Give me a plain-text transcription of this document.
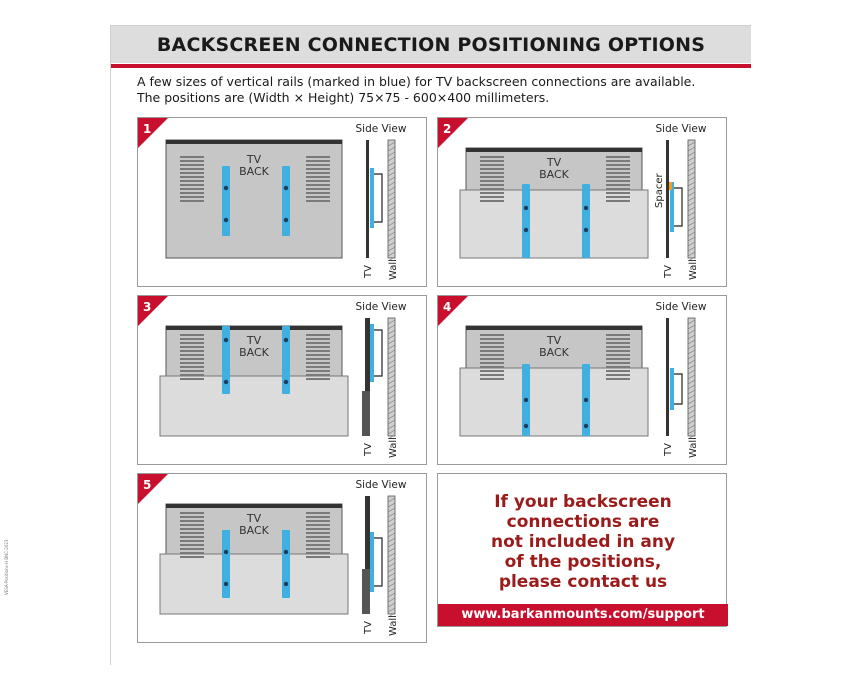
BACKSCREEN CONNECTION POSITIONING OPTIONS

A few sizes of vertical rails (marked in blue) for TV backscreen connections are available.

The positions are (Width × Height) 75×75 - 600×400 millimeters.

1
TV
BACK
Side View
TV Wall
2
TV
BACK
Side View
Spacer
TV Wall
3
TV
BACK
Side View
TV Wall
4
TV
BACK
Side View
TV Wall
5
TV
BACK
Side View
TV Wall
If your backscreen
connections are
not included in any
of the positions,
please contact us
www.barkanmounts.com/support
VESA-Positions-H BNC-2023
